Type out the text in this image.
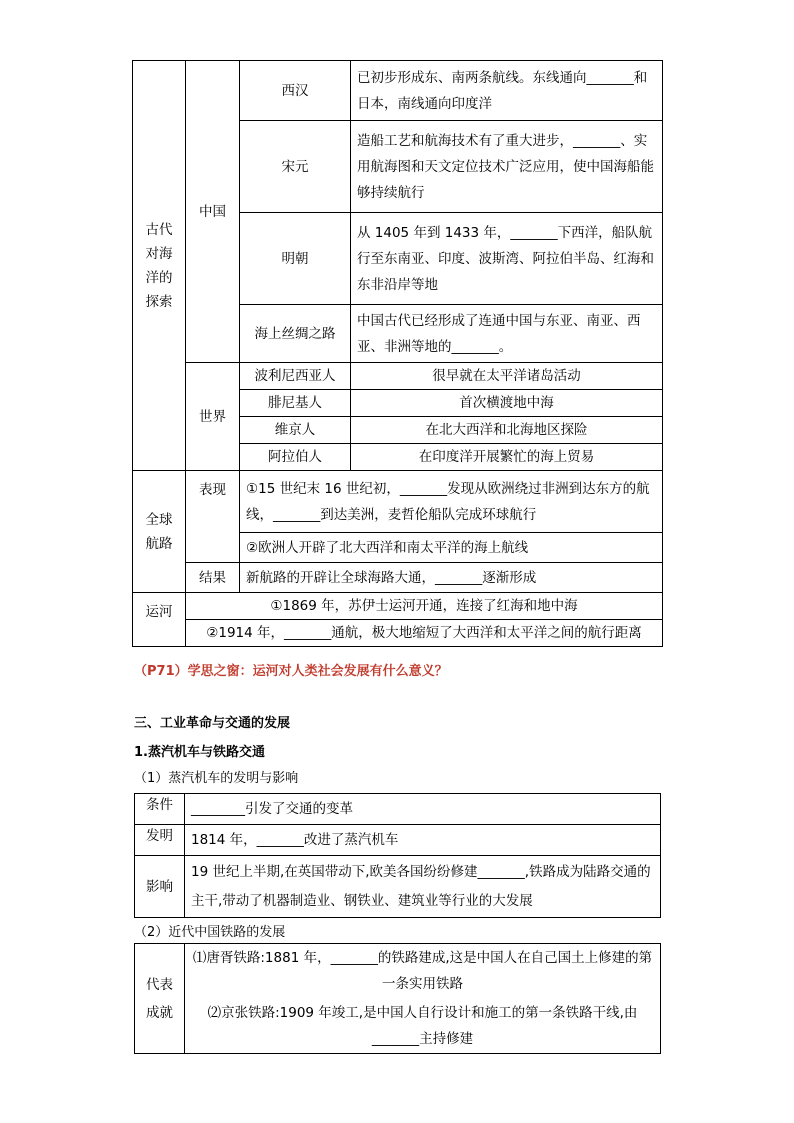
古代对海洋的探索	中国	西汉	已初步形成东、南两条航线。东线通向_______和日本，南线通向印度洋
		宋元	造船工艺和航海技术有了重大进步，_______、实用航海图和天文定位技术广泛应用，使中国海船能够持续航行
		明朝	从 1405 年到 1433 年，_______下西洋，船队航行至东南亚、印度、波斯湾、阿拉伯半岛、红海和东非沿岸等地
		海上丝绸之路	中国古代已经形成了连通中国与东亚、南亚、西亚、非洲等地的_______。
	世界	波利尼西亚人	很早就在太平洋诸岛活动
		腓尼基人	首次横渡地中海
		维京人	在北大西洋和北海地区探险
		阿拉伯人	在印度洋开展繁忙的海上贸易
全球航路	表现	①15 世纪末 16 世纪初，_______发现从欧洲绕过非洲到达东方的航线，_______到达美洲，麦哲伦船队完成环球航行	
		②欧洲人开辟了北大西洋和南太平洋的海上航线	
	结果	新航路的开辟让全球海路大通，_______逐渐形成	
运河	①1869 年，苏伊士运河开通，连接了红海和地中海		
	②1914 年，_______通航，极大地缩短了大西洋和太平洋之间的航行距离		
（P71）学思之窗：运河对人类社会发展有什么意义？
三、工业革命与交通的发展
1.蒸汽机车与铁路交通
（1）蒸汽机车的发明与影响
条件	________引发了交通的变革
发明	1814 年，_______改进了蒸汽机车
影响	19 世纪上半期,在英国带动下,欧美各国纷纷修建_______,铁路成为陆路交通的主干,带动了机器制造业、钢铁业、建筑业等行业的大发展
（2）近代中国铁路的发展
代表成就	⑴唐胥铁路:1881 年，_______的铁路建成,这是中国人在自己国土上修建的第一条实用铁路
⑵京张铁路:1909 年竣工,是中国人自行设计和施工的第一条铁路干线,由_______主持修建
